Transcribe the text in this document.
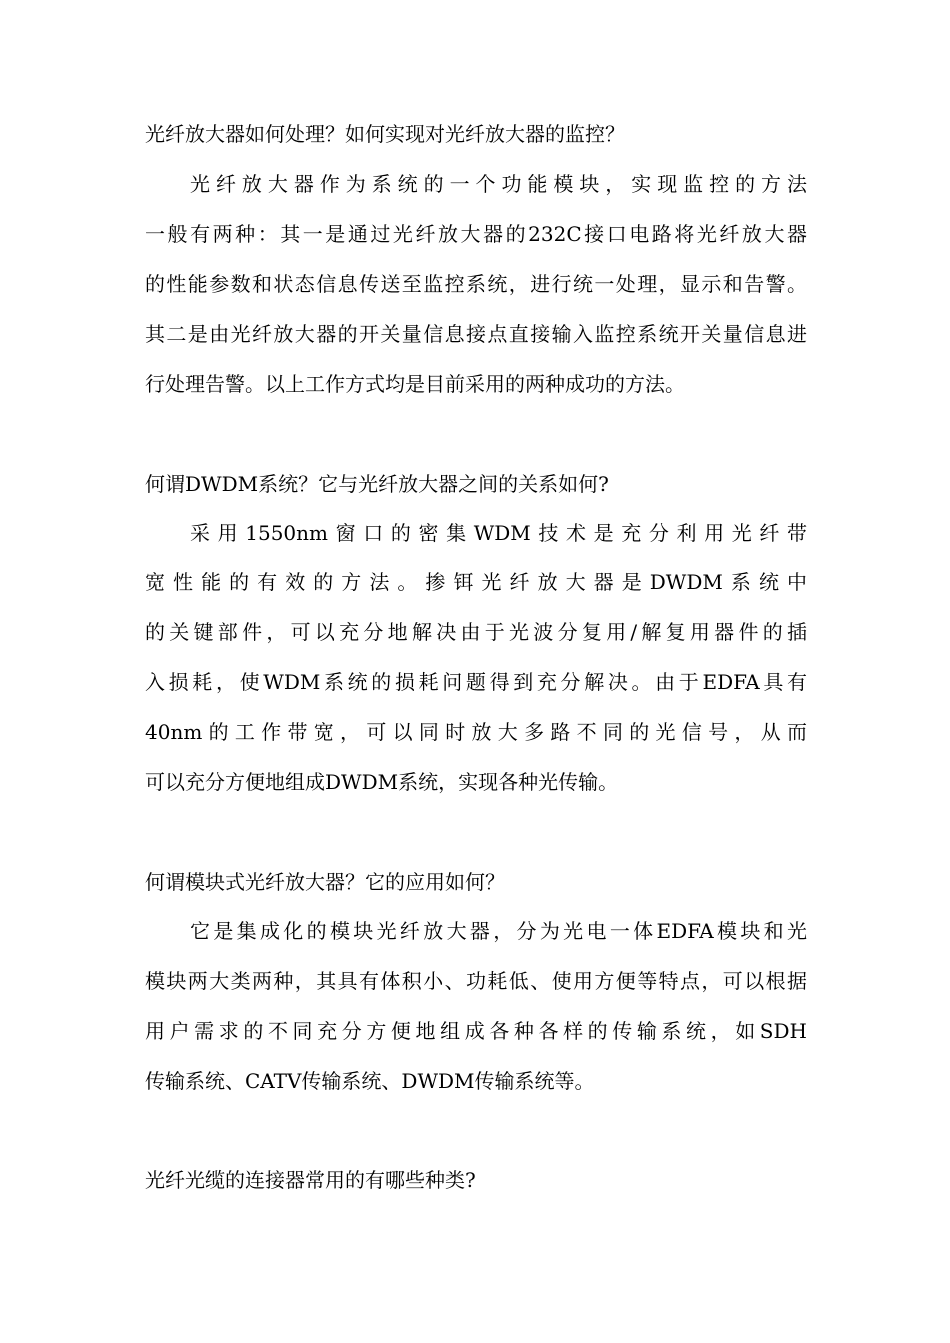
光纤放大器如何处理？如何实现对光纤放大器的监控？

光纤放大器作为系统的一个功能模块，实现监控的方法

一般有两种：其一是通过光纤放大器的232C接口电路将光纤放大器

的性能参数和状态信息传送至监控系统，进行统一处理，显示和告警。

其二是由光纤放大器的开关量信息接点直接输入监控系统开关量信息进

行处理告警。以上工作方式均是目前采用的两种成功的方法。

何谓DWDM系统？它与光纤放大器之间的关系如何?

采用1550nm窗口的密集WDM技术是充分利用光纤带

宽性能的有效的方法。掺铒光纤放大器是DWDM系统中

的关键部件，可以充分地解决由于光波分复用/解复用器件的插

入损耗，使WDM系统的损耗问题得到充分解决。由于EDFA具有

40nm的工作带宽，可以同时放大多路不同的光信号，从而

可以充分方便地组成DWDM系统，实现各种光传输。

何谓模块式光纤放大器？它的应用如何？

它是集成化的模块光纤放大器，分为光电一体EDFA模块和光

模块两大类两种，其具有体积小、功耗低、使用方便等特点，可以根据

用户需求的不同充分方便地组成各种各样的传输系统，如SDH

传输系统、CATV传输系统、DWDM传输系统等。

光纤光缆的连接器常用的有哪些种类?
